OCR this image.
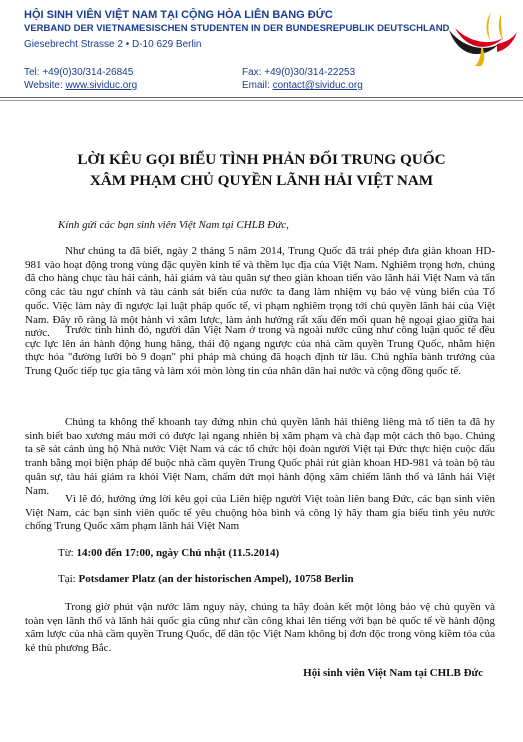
HỘI SINH VIÊN VIỆT NAM TẠI CỘNG HÒA LIÊN BANG ĐỨC
VERBAND DER VIETNAMESISCHEN STUDENTEN IN DER BUNDESREPUBLIK DEUTSCHLAND
Giesebrecht Strasse 2 • D-10 629 Berlin
Tel: +49(0)30/314-26845	Fax: +49(0)30/314-22253
Website: www.sividuc.org	Email: contact@sividuc.org
LỜI KÊU GỌI BIỂU TÌNH PHẢN ĐỐI TRUNG QUỐC
XÂM PHẠM CHỦ QUYỀN LÃNH HẢI VIỆT NAM
Kính gửi các bạn sinh viên Việt Nam tại CHLB Đức,

Như chúng ta đã biết, ngày 2 tháng 5 năm 2014, Trung Quốc đã trái phép đưa giàn khoan HD-981 vào hoạt động trong vùng đặc quyền kinh tế và thềm lục địa của Việt Nam. Nghiêm trọng hơn, chúng đã cho hàng chục tàu hải cảnh, hải giám và tàu quân sự theo giàn khoan tiến vào lãnh hải Việt Nam và tấn công các tàu ngư chính và tàu cảnh sát biển của nước ta đang làm nhiệm vụ bảo vệ vùng biển của Tổ quốc. Việc làm này đi ngược lại luật pháp quốc tế, vi phạm nghiêm trọng tới chủ quyền lãnh hải của Việt Nam. Đây rõ ràng là một hành vi xâm lược, làm ảnh hưởng rất xấu đến mối quan hệ ngoại giao giữa hai nước.	Trước tình hình đó, người dân Việt Nam ở trong và ngoài nước cũng như công luận quốc tế đều cực lực lên án hành động hung hăng, thái độ ngang ngược của nhà cầm quyền Trung Quốc, nhằm hiện thực hóa "đường lưỡi bò 9 đoạn" phi pháp mà chúng đã hoạch định từ lâu. Chủ nghĩa bành trướng của Trung Quốc tiếp tục gia tăng và làm xói mòn lòng tin của nhân dân hai nước và cộng đồng quốc tế.

Chúng ta không thể khoanh tay đứng nhìn chủ quyền lãnh hải thiêng liêng mà tổ tiên ta đã hy sinh biết bao xương máu mới có được lại ngang nhiên bị xâm phạm và chà đạp một cách thô bạo. Chúng ta sẽ sát cánh ủng hộ Nhà nước Việt Nam và các tổ chức hội đoàn người Việt tại Đức thực hiện cuộc đấu tranh bằng mọi biện pháp để buộc nhà cầm quyền Trung Quốc phải rút giàn khoan HD-981 và toàn bộ tàu quân sự, tàu hải giám ra khỏi Việt Nam, chấm dứt mọi hành động xâm chiếm lãnh thổ và lãnh hải Việt Nam.

Vì lẽ đó, hưởng ứng lời kêu gọi của Liên hiệp người Việt toàn liên bang Đức, các bạn sinh viên Việt Nam, các bạn sinh viên quốc tế yêu chuộng hòa bình và công lý hãy tham gia biểu tình yêu nước chống Trung Quốc xâm phạm lãnh hải Việt Nam

Từ: 14:00 đến 17:00, ngày Chủ nhật (11.5.2014)
Tại: Potsdamer Platz (an der historischen Ampel), 10758 Berlin

Trong giờ phút vận nước lâm nguy này, chúng ta hãy đoàn kết một lòng bảo vệ chủ quyền và toàn vẹn lãnh thổ và lãnh hải quốc gia cũng như cần công khai lên tiếng với bạn bè quốc tế về hành động xâm lược của nhà cầm quyền Trung Quốc, để dân tộc Việt Nam không bị đơn độc trong vòng kiềm tỏa của kẻ thù phương Bắc.

Hội sinh viên Việt Nam tại CHLB Đức
